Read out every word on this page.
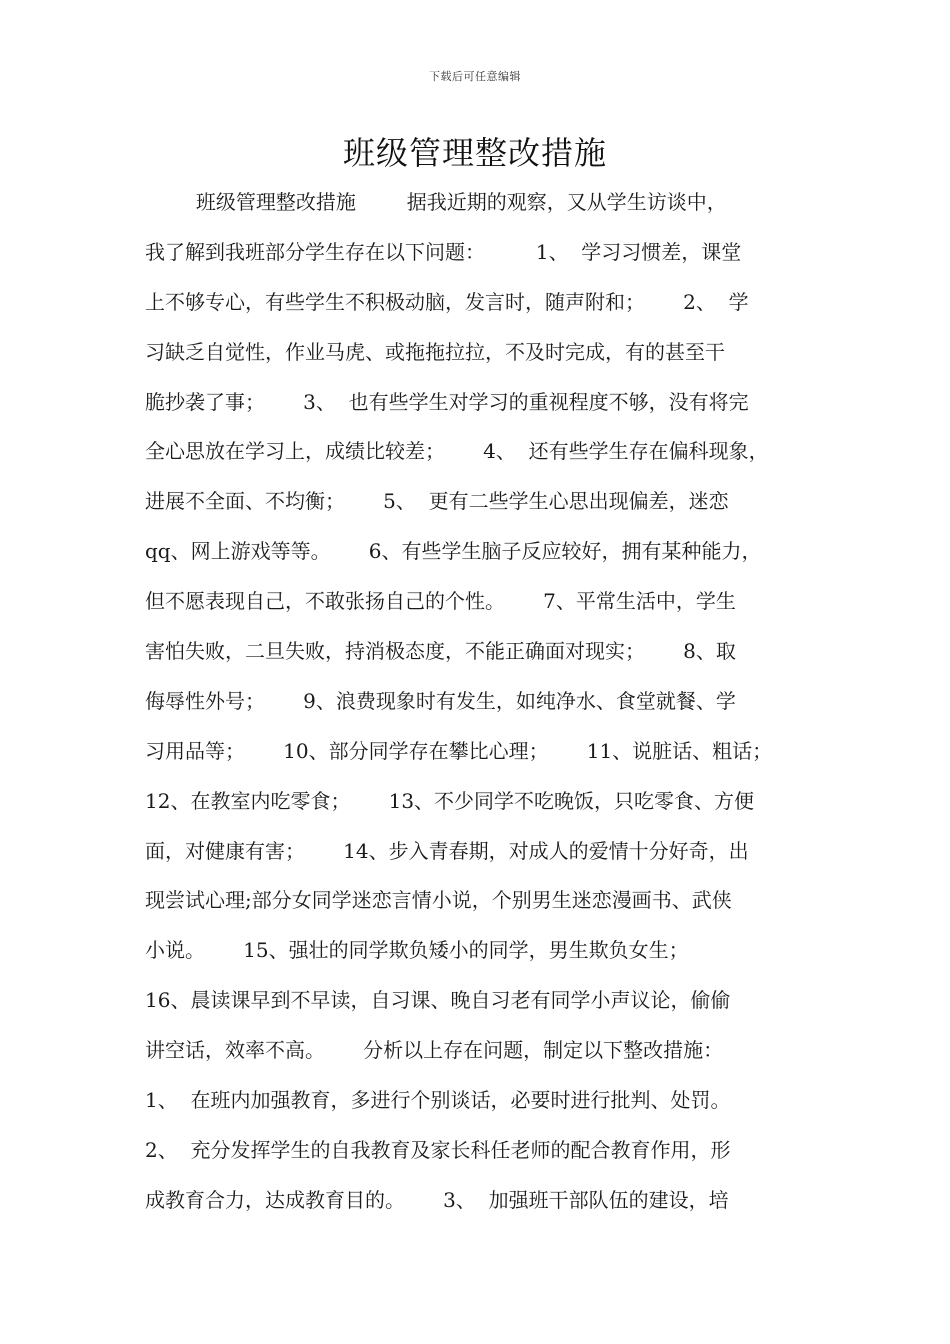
下载后可任意编辑
班级管理整改措施
班级管理整改措施        据我近期的观察，又从学生访谈中，
我了解到我班部分学生存在以下问题：        1、  学习习惯差，课堂
上不够专心，有些学生不积极动脑，发言时，随声附和；      2、  学
习缺乏自觉性，作业马虎、或拖拖拉拉，不及时完成，有的甚至干
脆抄袭了事；      3、  也有些学生对学习的重视程度不够，没有将完
全心思放在学习上，成绩比较差；      4、  还有些学生存在偏科现象，
进展不全面、不均衡；      5、  更有二些学生心思出现偏差，迷恋
qq、网上游戏等等。      6、有些学生脑子反应较好，拥有某种能力，
但不愿表现自己，不敢张扬自己的个性。      7、平常生活中，学生
害怕失败，二旦失败，持消极态度，不能正确面对现实；      8、取
侮辱性外号；      9、浪费现象时有发生，如纯净水、食堂就餐、学
习用品等；      10、部分同学存在攀比心理；      11、说脏话、粗话；
12、在教室内吃零食；      13、不少同学不吃晚饭，只吃零食、方便
面，对健康有害；      14、步入青春期，对成人的爱情十分好奇，出
现尝试心理;部分女同学迷恋言情小说，个别男生迷恋漫画书、武侠
小说。      15、强壮的同学欺负矮小的同学，男生欺负女生；
16、晨读课早到不早读，自习课、晚自习老有同学小声议论，偷偷
讲空话，效率不高。      分析以上存在问题，制定以下整改措施：
1、  在班内加强教育，多进行个别谈话，必要时进行批判、处罚。
2、  充分发挥学生的自我教育及家长科任老师的配合教育作用，形
成教育合力，达成教育目的。      3、  加强班干部队伍的建设，培
